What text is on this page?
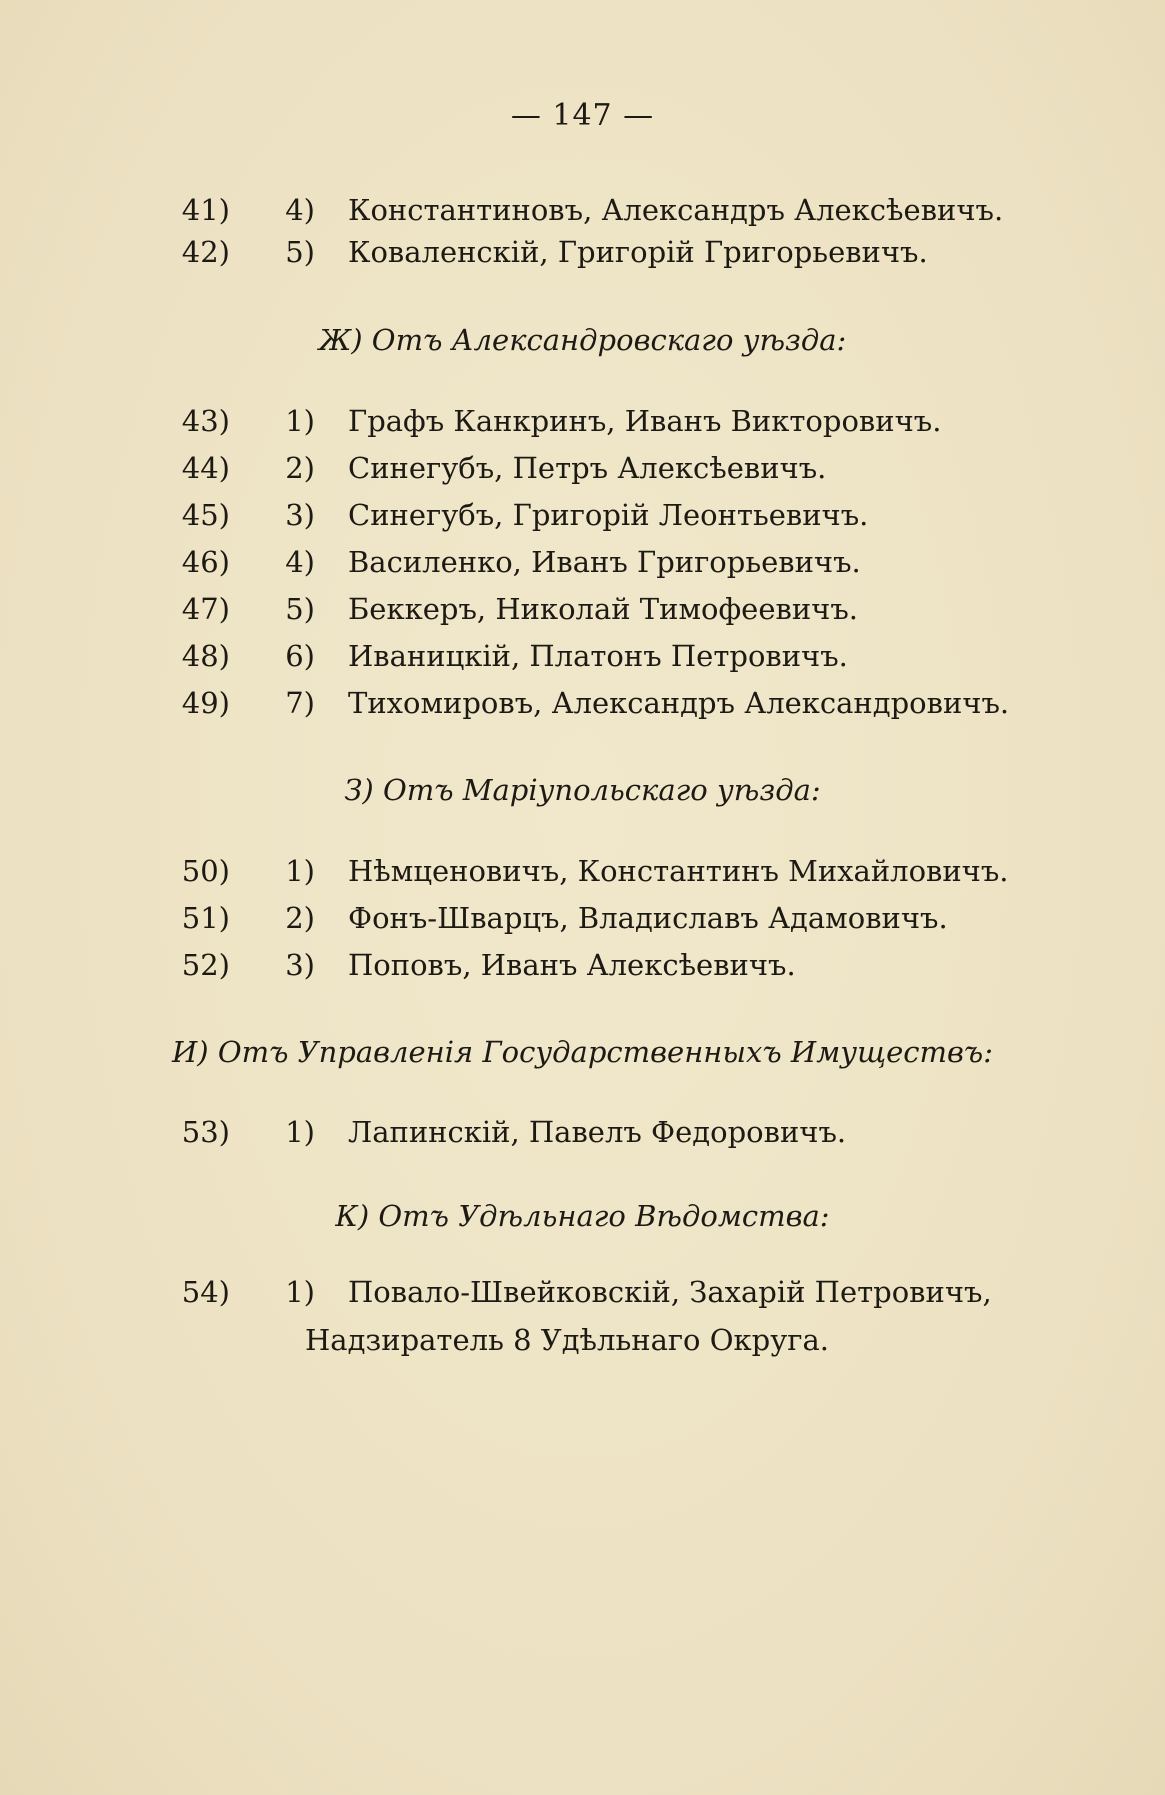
— 147 —
41)	4) Константиновъ, Александръ Алексѣевичъ.
42)	5) Коваленскій, Григорій Григорьевичъ.
Ж) Отъ Александровскаго уѣзда:
43)	1) Графъ Канкринъ, Иванъ Викторовичъ.
44)	2) Синегубъ, Петръ Алексѣевичъ.
45)	3) Синегубъ, Григорій Леонтьевичъ.
46)	4) Василенко, Иванъ Григорьевичъ.
47)	5) Беккеръ, Николай Тимофеевичъ.
48)	6) Иваницкій, Платонъ Петровичъ.
49)	7) Тихомировъ, Александръ Александровичъ.
З) Отъ Маріупольскаго уѣзда:
50)	1) Нѣмценовичъ, Константинъ Михайловичъ.
51)	2) Фонъ-Шварцъ, Владиславъ Адамовичъ.
52)	3) Поповъ, Иванъ Алексѣевичъ.
И) Отъ Управленія Государственныхъ Имуществъ:
53)	1) Лапинскій, Павелъ Федоровичъ.
К) Отъ Удѣльнаго Вѣдомства:
54)	1) Повало-Швейковскій, Захарій Петровичъ,
Надзиратель 8 Удѣльнаго Округа.
